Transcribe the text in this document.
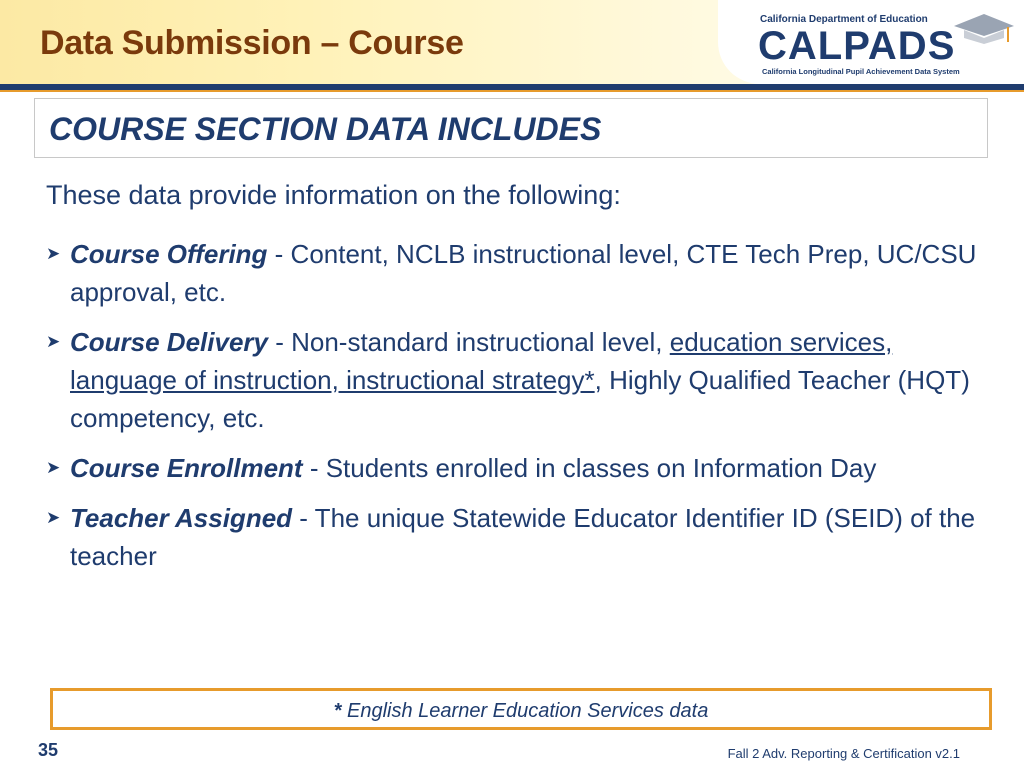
Data Submission – Course
California Department of Education
CALPADS
California Longitudinal Pupil Achievement Data System
COURSE SECTION DATA INCLUDES

These data provide information on the following:

➤ Course Offering - Content, NCLB instructional level, CTE Tech Prep, UC/CSU approval, etc.
➤ Course Delivery - Non-standard instructional level, education services, language of instruction, instructional strategy*, Highly Qualified Teacher (HQT) competency, etc.
➤ Course Enrollment - Students enrolled in classes on Information Day
➤ Teacher Assigned - The unique Statewide Educator Identifier ID (SEID) of the teacher
* English Learner Education Services data
35	Fall 2 Adv. Reporting & Certification v2.1
